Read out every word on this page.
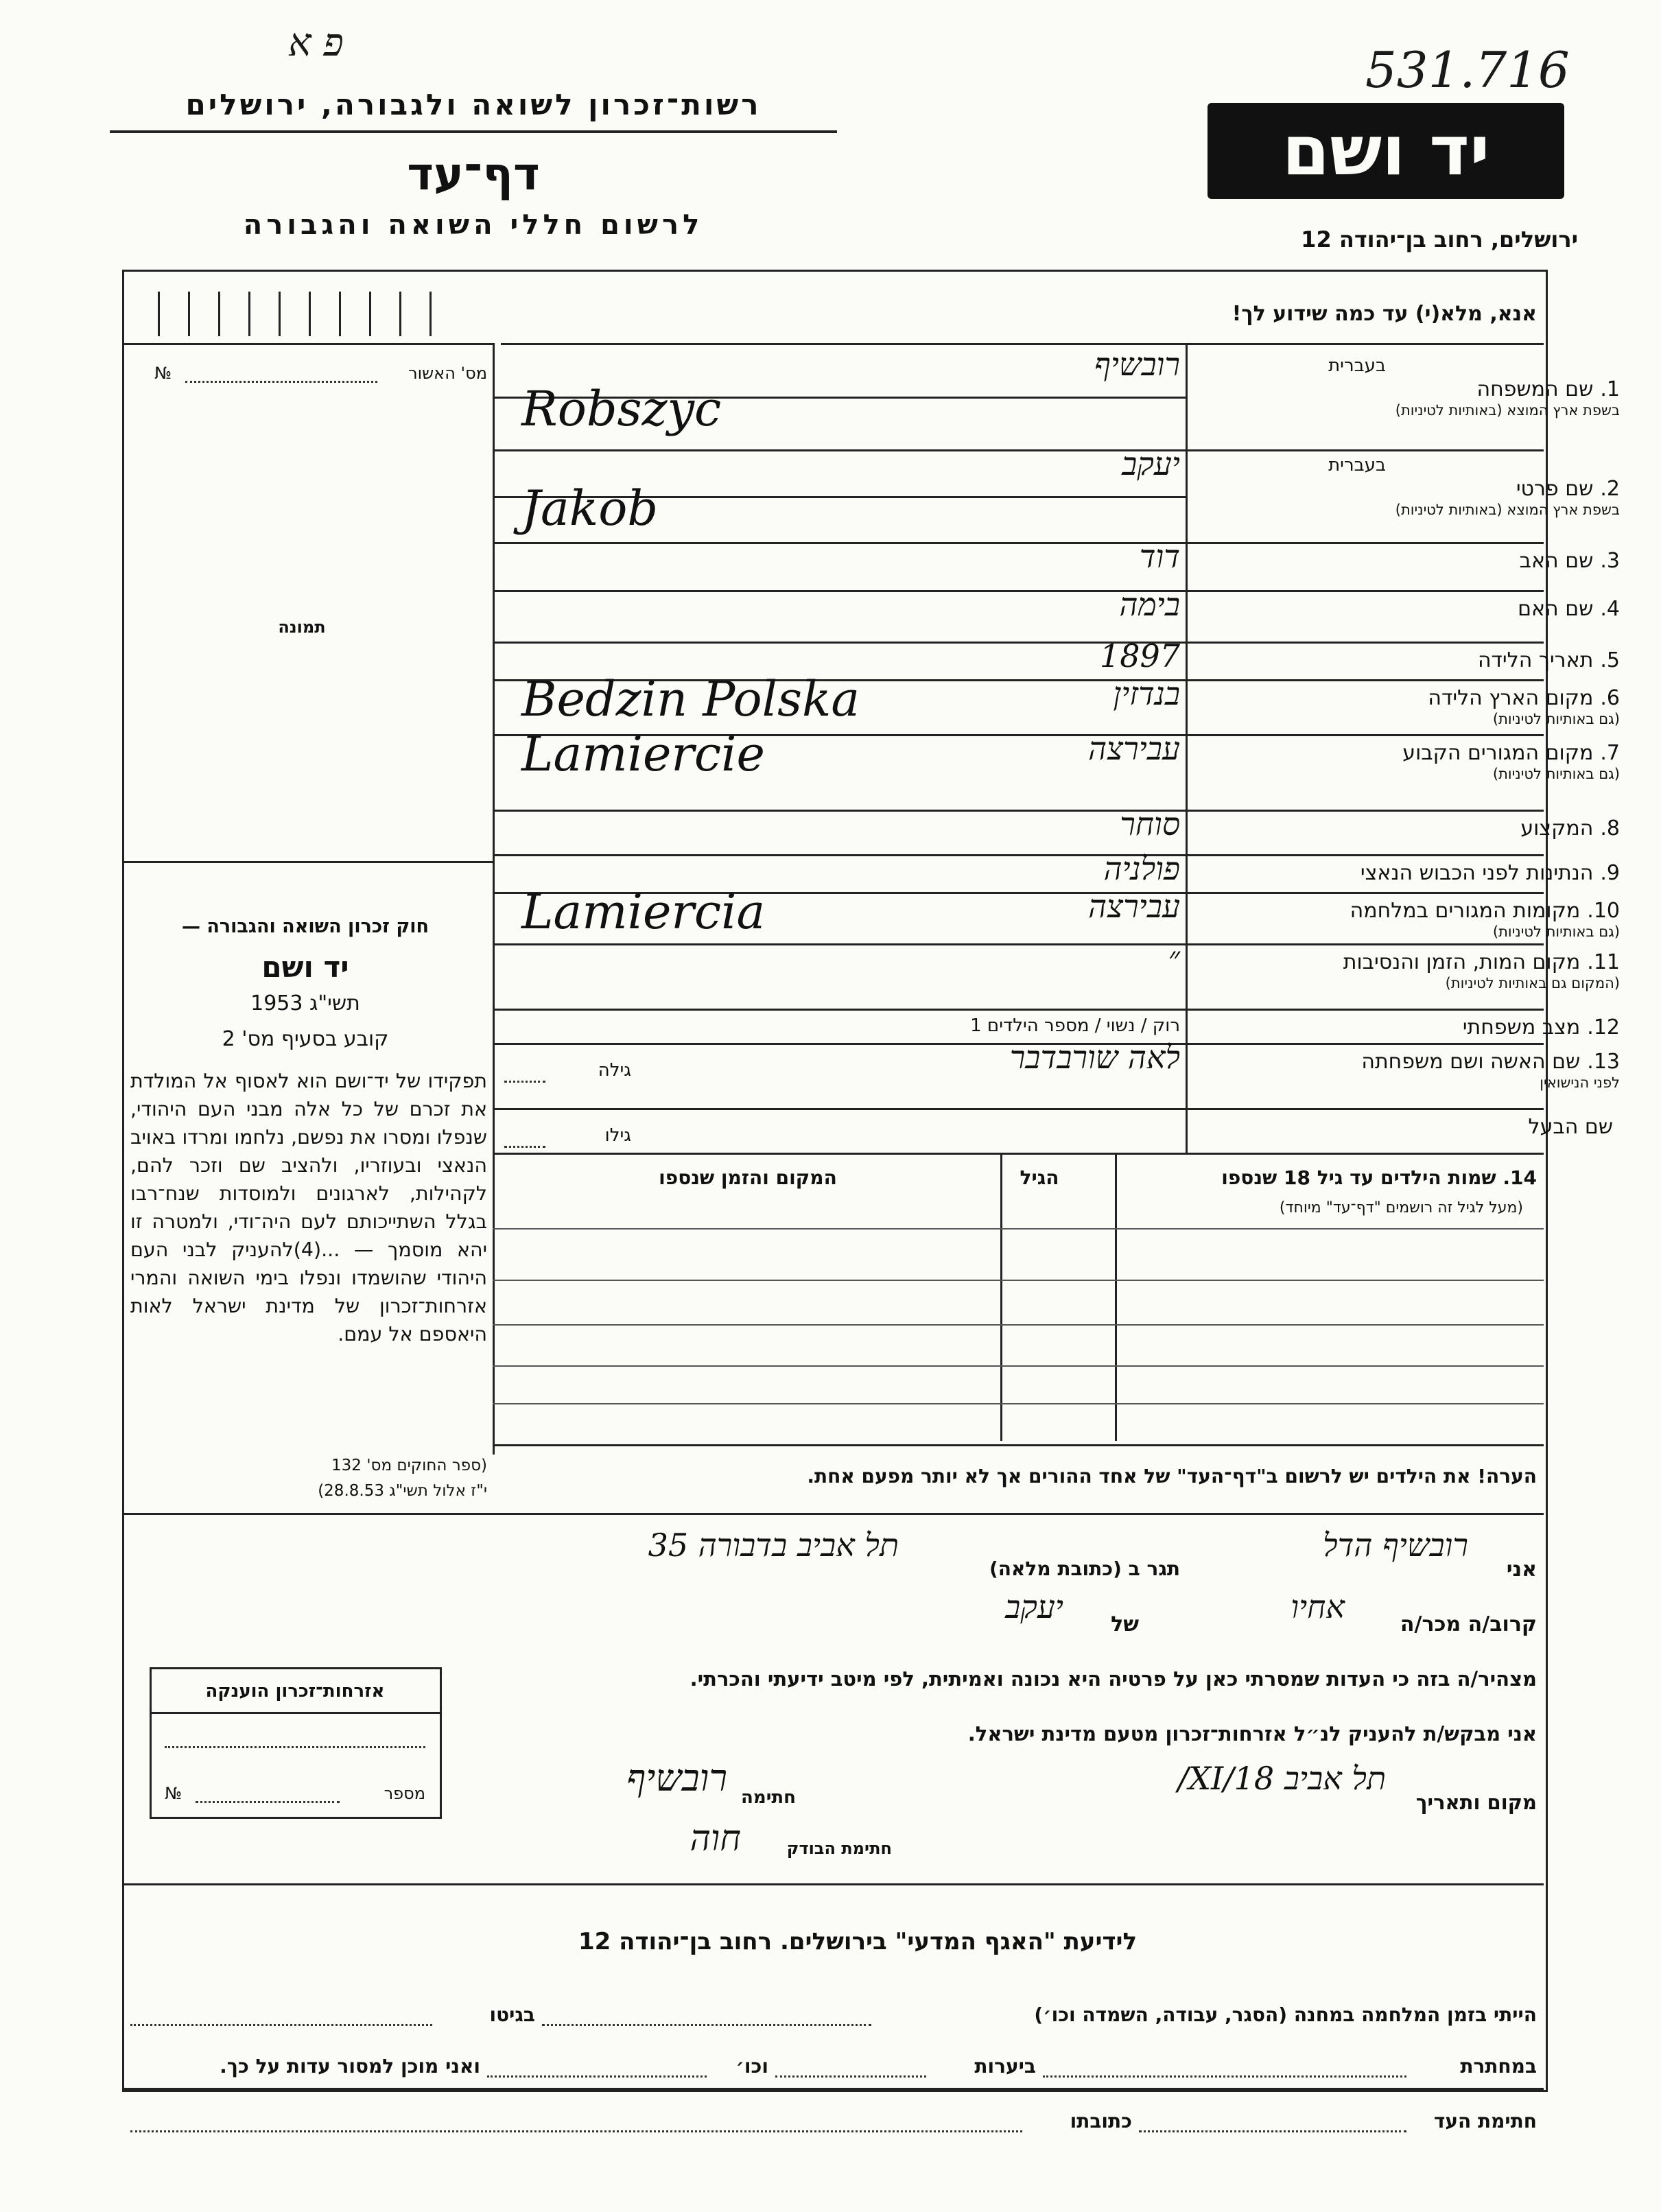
פ א	531.716
רשות־זכרון לשואה ולגבורה, ירושלים
דף־עד
לרשום חללי השואה והגבורה
יד ושם
ירושלים, רחוב בן־יהודה 12
אנא, מלא(י) עד כמה שידוע לך!
מס' האשור
№
תמונה
חוק זכרון השואה והגבורה —
יד ושם
תשי"ג 1953
קובע בסעיף מס' 2
תפקידו של יד־ושם הוא לאסוף אל המולדת את זכרם של כל אלה מבני העם היהודי, שנפלו ומסרו את נפשם, נלחמו ומרדו באויב הנאצי ובעוזריו, ולהציב שם וזכר להם, לקהילות, לארגונים ולמוסדות שנח־רבו בגלל השתייכותם לעם היה־ודי, ולמטרה זו יהא מוסמך — ...(4)להעניק לבני העם היהודי שהושמדו ונפלו בימי השואה והמרי אזרחות־זכרון של מדינת ישראל לאות היאספם אל עמם.
(ספר החוקים מס' 132
י"ז אלול תשי"ג 28.8.53)
1.שם המשפחה
בשפת ארץ המוצא (באותיות לטיניות)
בעברית
רובשיף
Robszyc
2.שם פרטי
בשפת ארץ המוצא (באותיות לטיניות)
בעברית
יעקב
Jakob
3.שם האב
דוד
4.שם האם
בימה
5.תאריך הלידה
1897
6.מקום הארץ הלידה
(גם באותיות לטיניות)
בנדזין
Bedzin Polska
7.מקום המגורים הקבוע
(גם באותיות לטיניות)
עבירצה
Lamiercie
8.המקצוע
סוחר
9.הנתינות לפני הכבוש הנאצי
פולניה
10.מקומות המגורים במלחמה
(גם באותיות לטיניות)
עבירצה
Lamiercia
11.מקום המות, הזמן והנסיבות
(המקום גם באותיות לטיניות)
״
12.מצב משפחתי
רוק / נשוי / מספר הילדים 1
13.שם האשה ושם משפחתה
לפני הנישואין
לאה שורבדבר
גילה
שם הבעל
גילו
14. שמות הילדים עד גיל 18 שנספו
(מעל לגיל זה רושמים "דף־עד" מיוחד)
הגיל
המקום והזמן שנספו
הערה! את הילדים יש לרשום ב"דף־העד" של אחד ההורים אך לא יותר מפעם אחת.
אני
רובשיף הדל
תגר ב (כתובת מלאה)
תל אביב בדבורה 35
קרוב/ה מכר/ה
אחיו
של
יעקב
מצהיר/ה בזה כי העדות שמסרתי כאן על פרטיה היא נכונה ואמיתית, לפי מיטב ידיעתי והכרתי.
אני מבקש/ת להעניק לנ״ל אזרחות־זכרון מטעם מדינת ישראל.
מקום ותאריך
תל אביב 18/XI/
חתימה
רובשיף
חתימת הבודק
חוה
אזרחות־זכרון הוענקה
מספר
№
לידיעת "האגף המדעי" בירושלים. רחוב בן־יהודה 12
הייתי בזמן המלחמה במחנה (הסגר, עבודה, השמדה וכו׳)
בגיטו
במחתרת
ביערות
וכו׳
ואני מוכן למסור עדות על כך.
חתימת העד
כתובתו
